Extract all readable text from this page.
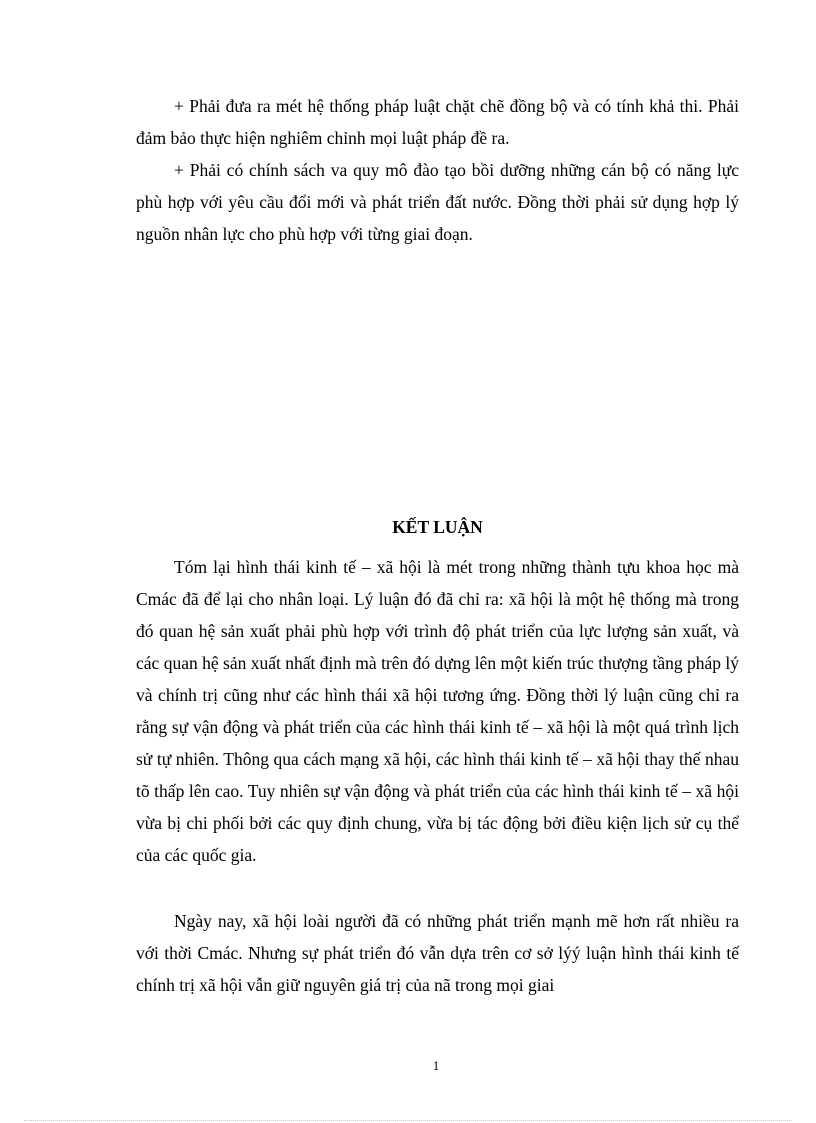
+ Phải đưa ra mét hệ thống pháp luật chặt chẽ đồng bộ và có tính khả thi. Phải đảm bảo thực hiện nghiêm chỉnh mọi luật pháp đề ra.

+ Phải có chính sách va quy mô đào tạo bồi dưỡng những cán bộ có năng lực phù hợp với yêu cầu đổi mới và phát triển đất nước. Đồng thời phải sử dụng hợp lý nguồn nhân lực cho phù hợp với từng giai đoạn.

KẾT LUẬN

Tóm lại hình thái kinh tế – xã hội là mét trong những thành tựu khoa học mà Cmác đã để lại cho nhân loại. Lý luận đó đã chỉ ra: xã hội là một hệ thống mà trong đó quan hệ sản xuất phải phù hợp với trình độ phát triển của lực lượng sản xuất, và các quan hệ sản xuất nhất định mà trên đó dựng lên một kiến trúc thượng tầng pháp lý và chính trị cũng như các hình thái xã hội tương ứng. Đồng thời lý luận cũng chỉ ra rằng sự vận động và phát triển của các hình thái kinh tế – xã hội là một quá trình lịch sử tự nhiên. Thông qua cách mạng xã hội, các hình thái kinh tế – xã hội thay thế nhau tõ thấp lên cao. Tuy nhiên sự vận động và phát triển của các hình thái kinh tế – xã hội vừa bị chi phối bởi các quy định chung, vừa bị tác động bởi điều kiện lịch sử cụ thể của các quốc gia.

Ngày nay, xã hội loài người đã có những phát triển mạnh mẽ hơn rất nhiều ra với thời Cmác. Nhưng sự phát triển đó vẫn dựa trên cơ sở lýý luận hình thái kinh tế chính trị xã hội vẫn giữ nguyên giá trị của nã trong mọi giai

1
